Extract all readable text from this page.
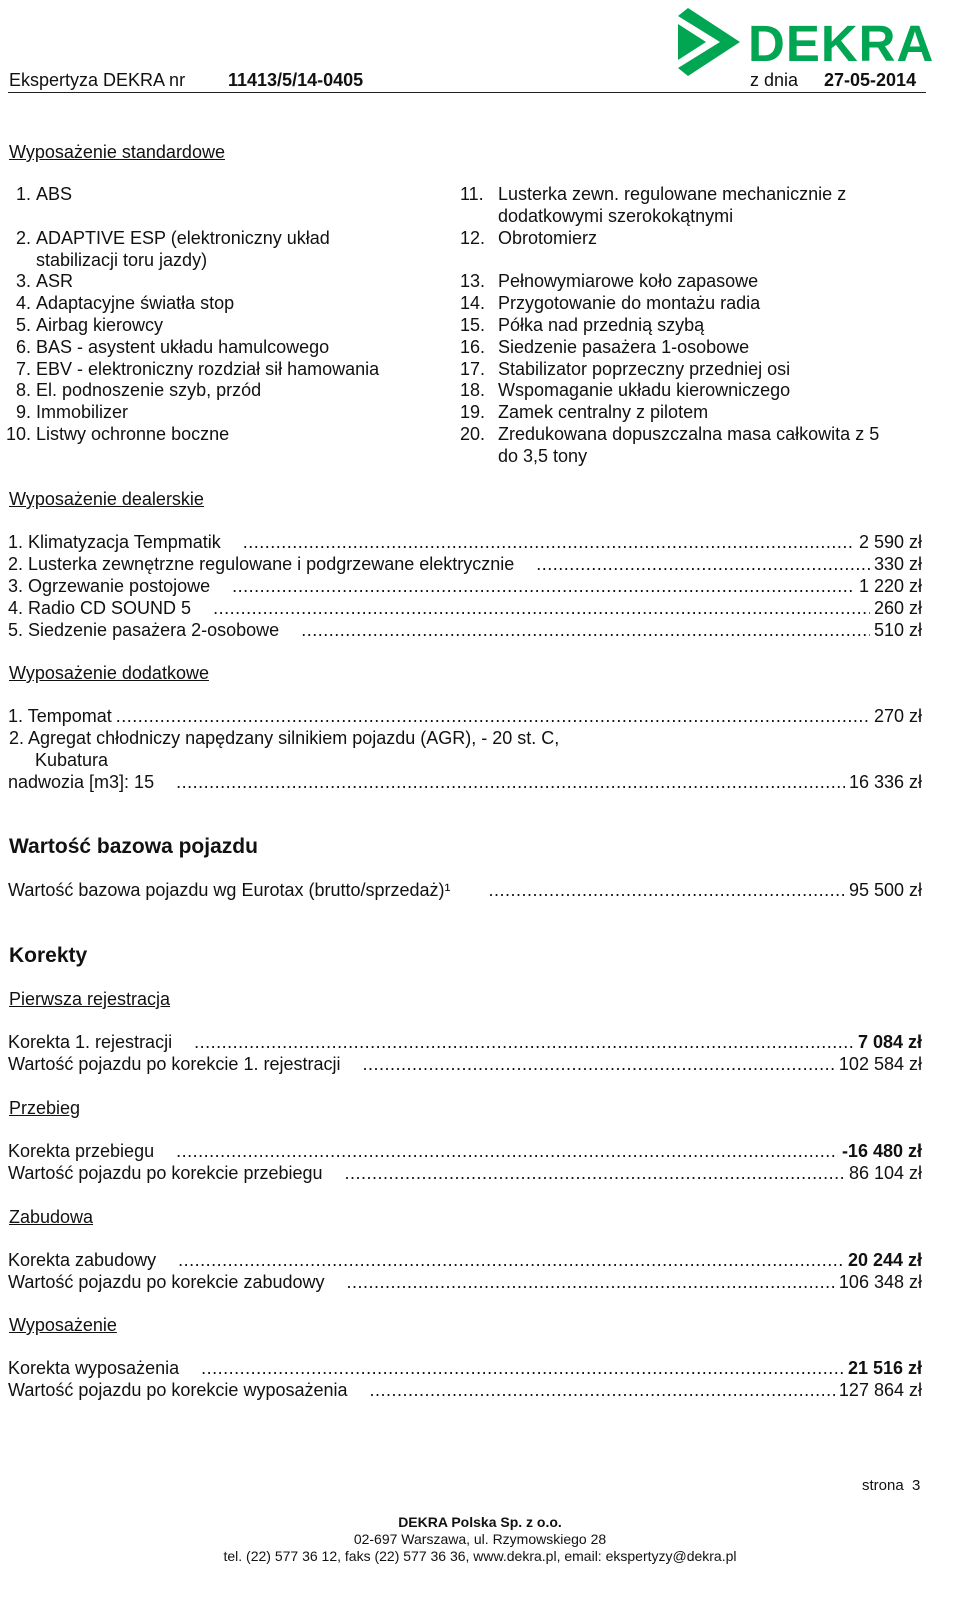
DEKRA
Ekspertyza DEKRA nr 11413/5/14-0405	z dnia 27-05-2014
Wyposażenie standardowe
1. ABS
2. ADAPTIVE ESP (elektroniczny układ
stabilizacji toru jazdy)
3. ASR
4. Adaptacyjne światła stop
5. Airbag kierowcy
6. BAS - asystent układu hamulcowego
7. EBV - elektroniczny rozdział sił hamowania
8. El. podnoszenie szyb, przód
9. Immobilizer
10. Listwy ochronne boczne
11. Lusterka zewn. regulowane mechanicznie z
dodatkowymi szerokokątnymi
12. Obrotomierz
13. Pełnowymiarowe koło zapasowe
14. Przygotowanie do montażu radia
15. Półka nad przednią szybą
16. Siedzenie pasażera 1-osobowe
17. Stabilizator poprzeczny przedniej osi
18. Wspomaganie układu kierowniczego
19. Zamek centralny z pilotem
20. Zredukowana dopuszczalna masa całkowita z 5
do 3,5 tony
Wyposażenie dealerskie
1. Klimatyzacja Tempmatik .....	2 590 zł
2. Lusterka zewnętrzne regulowane i podgrzewane elektrycznie .....	330 zł
3. Ogrzewanie postojowe .....	1 220 zł
4. Radio CD SOUND 5 .....	260 zł
5. Siedzenie pasażera 2-osobowe .....	510 zł
Wyposażenie dodatkowe
1. Tempomat .....	270 zł
2. Agregat chłodniczy napędzany silnikiem pojazdu (AGR), - 20 st. C,
Kubatura
nadwozia [m3]: 15 .....	16 336 zł
Wartość bazowa pojazdu
Wartość bazowa pojazdu wg Eurotax (brutto/sprzedaż)¹ .....	95 500 zł
Korekty
Pierwsza rejestracja
Korekta 1. rejestracji .....	7 084 zł
Wartość pojazdu po korekcie 1. rejestracji .....	102 584 zł
Przebieg
Korekta przebiegu .....	-16 480 zł
Wartość pojazdu po korekcie przebiegu .....	86 104 zł
Zabudowa
Korekta zabudowy .....	20 244 zł
Wartość pojazdu po korekcie zabudowy .....	106 348 zł
Wyposażenie
Korekta wyposażenia .....	21 516 zł
Wartość pojazdu po korekcie wyposażenia .....	127 864 zł
strona 3
DEKRA Polska Sp. z o.o.
02-697 Warszawa, ul. Rzymowskiego 28
tel. (22) 577 36 12, faks (22) 577 36 36, www.dekra.pl, email: ekspertyzy@dekra.pl
